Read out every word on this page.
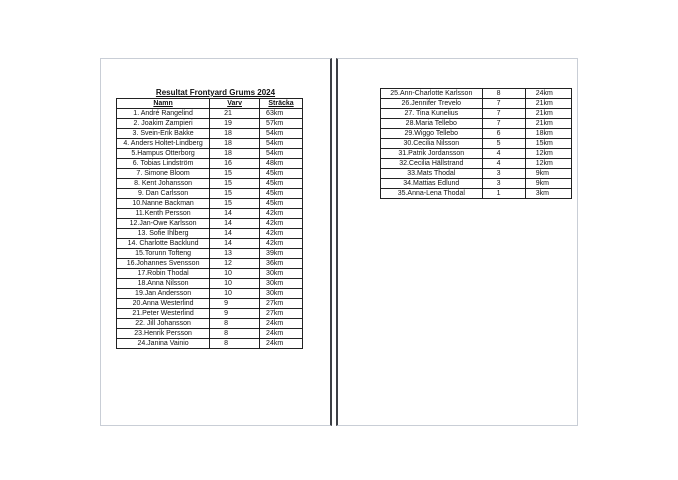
Resultat Frontyard Grums 2024
Namn	Varv	Sträcka
1. André Rangelind	21	63km
2. Joakim Zampieri	19	57km
3. Svein-Erik Bakke	18	54km
4. Anders Holtet-Lindberg	18	54km
5.Hampus Otterborg	18	54km
6. Tobias Lindström	16	48km
7. Simone Bloom	15	45km
8. Kent Johansson	15	45km
9. Dan Carlsson	15	45km
10.Nanne Backman	15	45km
11.Kenth Persson	14	42km
12.Jan-Owe Karlsson	14	42km
13. Sofie Ihlberg	14	42km
14. Charlotte Backlund	14	42km
15.Torunn Tofteng	13	39km
16.Johannes Svensson	12	36km
17.Robin Thodal	10	30km
18.Anna Nilsson	10	30km
19.Jan Andersson	10	30km
20.Anna Westerlind	9	27km
21.Peter Westerlind	9	27km
22. Jill Johansson	8	24km
23.Henrik Persson	8	24km
24.Janina Vainio	8	24km
25.Ann-Charlotte Karlsson	8	24km
26.Jennifer Trevelo	7	21km
27. Tina Kunelius	7	21km
28.Maria Tellebo	7	21km
29.Wiggo Tellebo	6	18km
30.Cecilia Nilsson	5	15km
31.Patrik Jordansson	4	12km
32.Cecilia Hällstrand	4	12km
33.Mats Thodal	3	9km
34.Mattias Edlund	3	9km
35.Anna-Lena Thodal	1	3km
